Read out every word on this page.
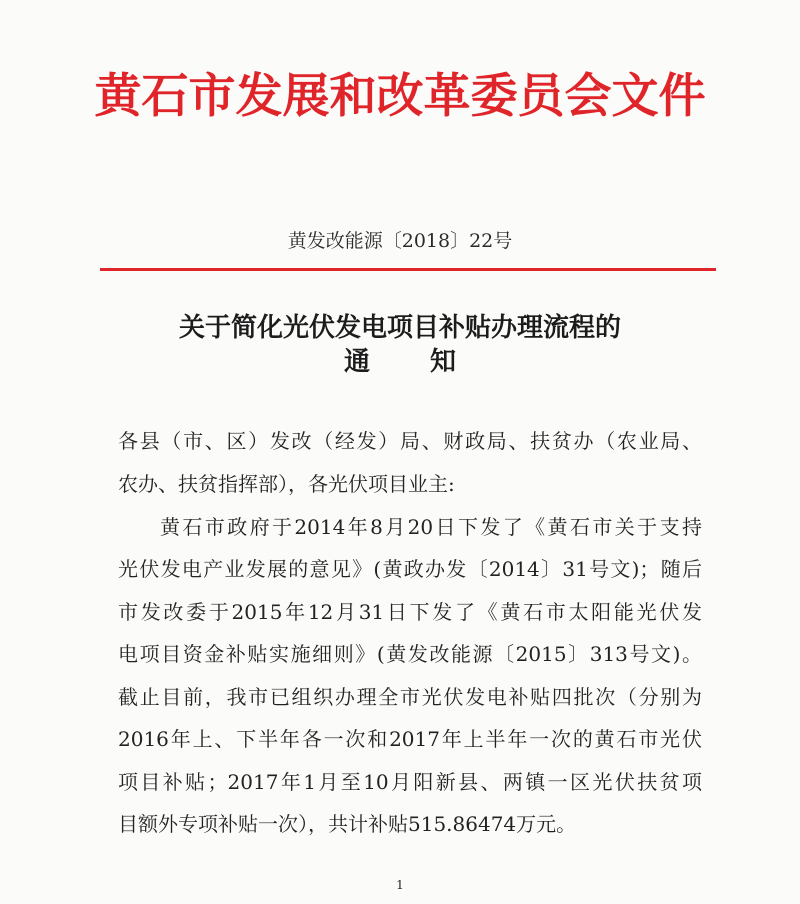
黄石市发展和改革委员会文件
黄发改能源〔2018〕22号
关于简化光伏发电项目补贴办理流程的
通知
各县（市、区）发改（经发）局、财政局、扶贫办（农业局、
农办、扶贫指挥部），各光伏项目业主:
黄石市政府于2014年8月20日下发了《黄石市关于支持
光伏发电产业发展的意见》(黄政办发〔2014〕31号文)；随后
市发改委于2015年12月31日下发了《黄石市太阳能光伏发
电项目资金补贴实施细则》(黄发改能源〔2015〕313号文)。
截止目前，我市已组织办理全市光伏发电补贴四批次（分别为
2016年上、下半年各一次和2017年上半年一次的黄石市光伏
项目补贴；2017年1月至10月阳新县、两镇一区光伏扶贫项
目额外专项补贴一次），共计补贴515.86474万元。
1
